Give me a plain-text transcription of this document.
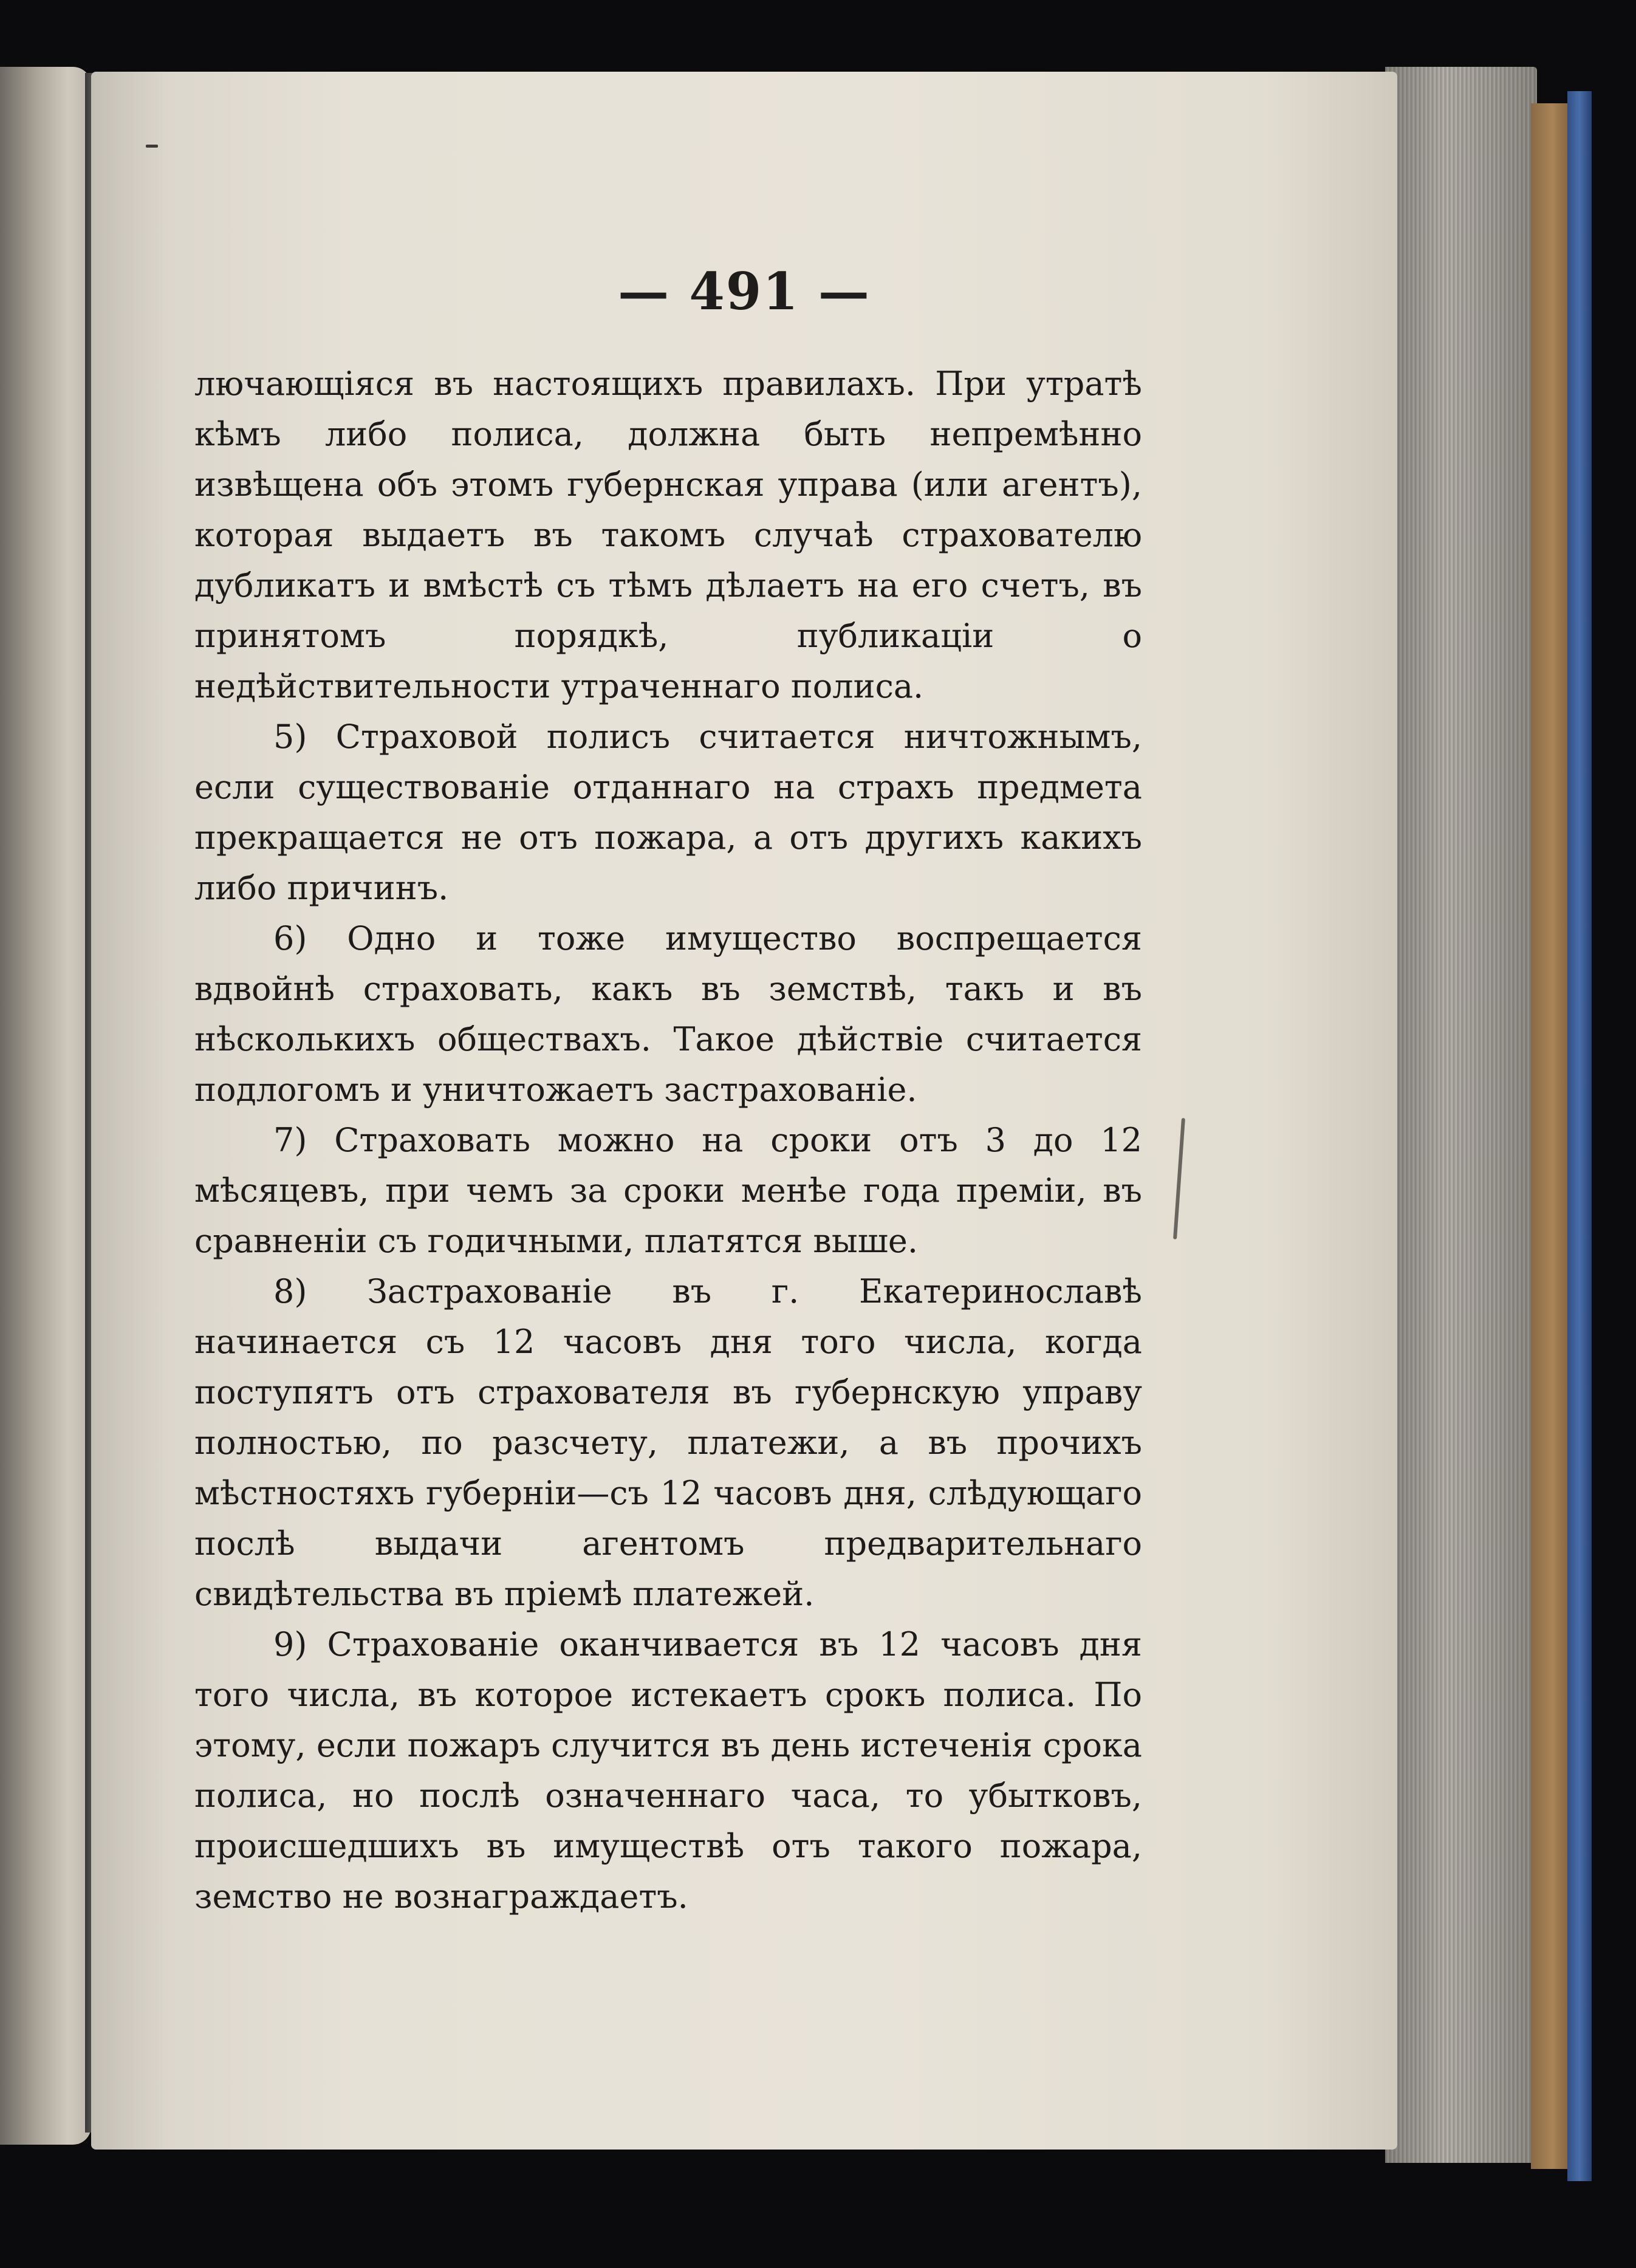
— 491 —

лючающіяся въ настоящихъ правилахъ. При утратѣ кѣмъ либо полиса, должна быть непремѣнно извѣщена объ этомъ губернская управа (или агентъ), которая выдаетъ въ такомъ случаѣ страхователю дубликатъ и вмѣстѣ съ тѣмъ дѣлаетъ на его счетъ, въ принятомъ порядкѣ, публикаціи о недѣйствительности утраченнаго полиса.

5) Страховой полисъ считается ничтожнымъ, если существованіе отданнаго на страхъ предмета прекращается не отъ пожара, а отъ другихъ какихъ либо причинъ.

6) Одно и тоже имущество воспрещается вдвойнѣ страховать, какъ въ земствѣ, такъ и въ нѣсколькихъ обществахъ. Такое дѣйствіе считается подлогомъ и уничтожаетъ застрахованіе.

7) Страховать можно на сроки отъ 3 до 12 мѣсяцевъ, при чемъ за сроки менѣе года преміи, въ сравненіи съ годичными, платятся выше.

8) Застрахованіе въ г. Екатеринославѣ начинается съ 12 часовъ дня того числа, когда поступятъ отъ страхователя въ губернскую управу полностью, по разсчету, платежи, а въ прочихъ мѣстностяхъ губерніи—съ 12 часовъ дня, слѣдующаго послѣ выдачи агентомъ предварительнаго свидѣтельства въ пріемѣ платежей.

9) Страхованіе оканчивается въ 12 часовъ дня того числа, въ которое истекаетъ срокъ полиса. По этому, если пожаръ случится въ день истеченія срока полиса, но послѣ означеннаго часа, то убытковъ, происшедшихъ въ имуществѣ отъ такого пожара, земство не вознаграждаетъ.
